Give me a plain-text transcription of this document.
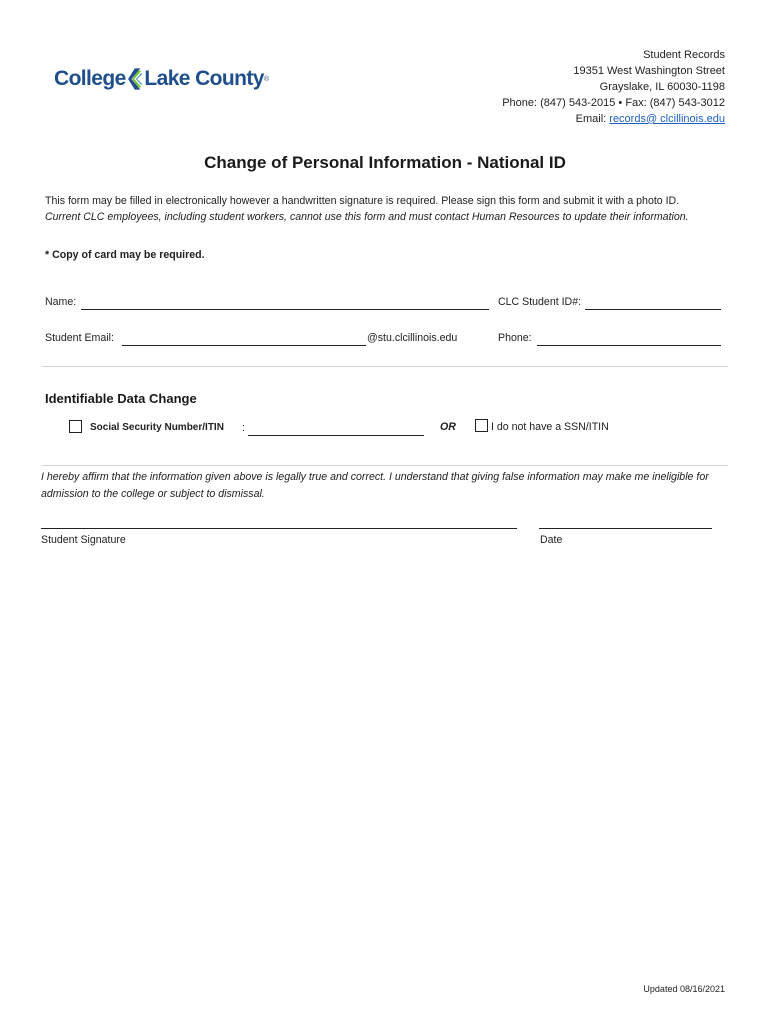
College Lake County ®
Student Records
19351 West Washington Street
Grayslake, IL 60030-1198
Phone: (847) 543-2015 • Fax: (847) 543-3012
Email: records@ clcillinois.edu
Change of Personal Information - National ID
This form may be filled in electronically however a handwritten signature is required. Please sign this form and submit it with a photo ID. Current CLC employees, including student workers, cannot use this form and must contact Human Resources to update their information.
* Copy of card may be required.
Name:	CLC Student ID#:
Student Email:	@stu.clcillinois.edu	Phone:
Identifiable Data Change
Social Security Number/ITIN :	OR	I do not have a SSN/ITIN
I hereby affirm that the information given above is legally true and correct. I understand that giving false information may make me ineligible for admission to the college or subject to dismissal.
Student Signature	Date
Updated 08/16/2021
